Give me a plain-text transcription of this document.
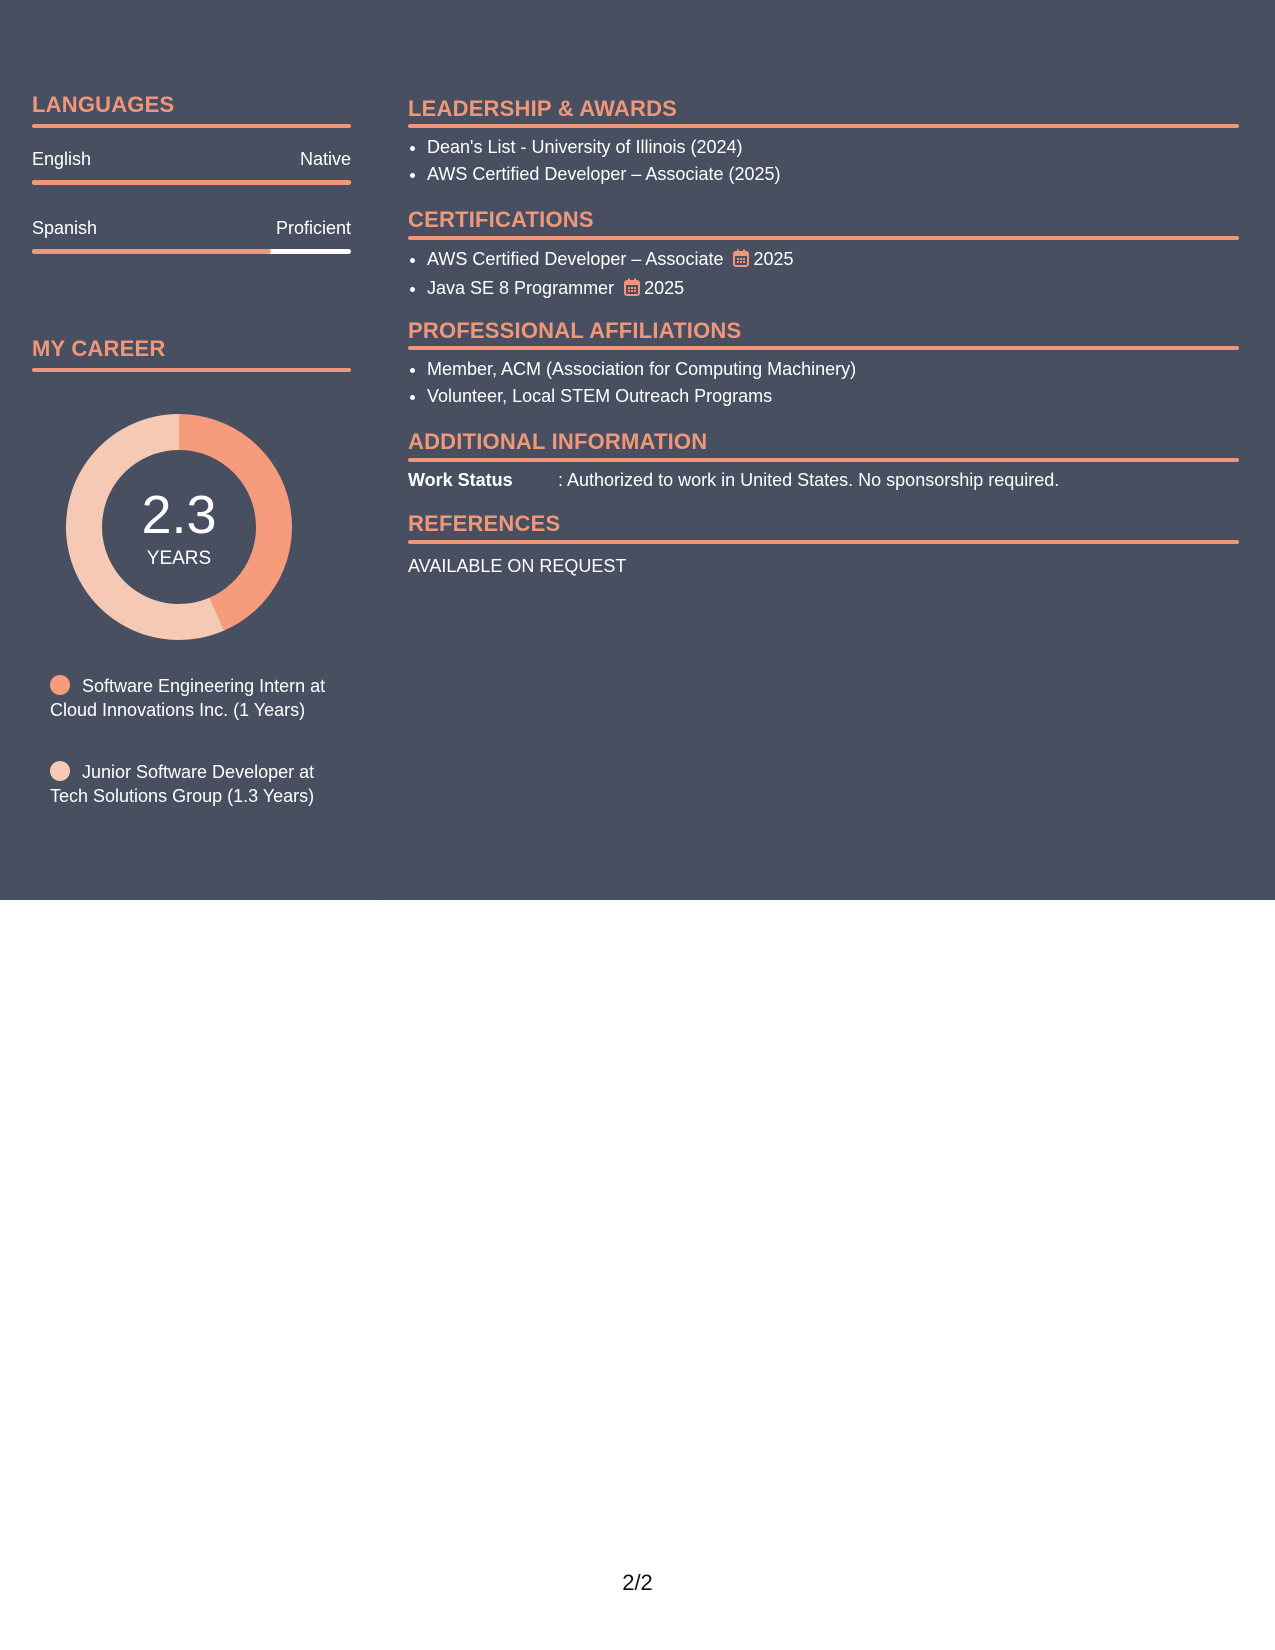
LANGUAGES
English	Native
Spanish	Proficient
MY CAREER
2.3
YEARS
Software Engineering Intern at Cloud Innovations Inc. (1 Years)
Junior Software Developer at Tech Solutions Group (1.3 Years)
LEADERSHIP & AWARDS
• Dean's List - University of Illinois (2024)
• AWS Certified Developer – Associate (2025)
CERTIFICATIONS
• AWS Certified Developer – Associate 2025
• Java SE 8 Programmer 2025
PROFESSIONAL AFFILIATIONS
• Member, ACM (Association for Computing Machinery)
• Volunteer, Local STEM Outreach Programs
ADDITIONAL INFORMATION
Work Status	: Authorized to work in United States. No sponsorship required.
REFERENCES
AVAILABLE ON REQUEST
2/2
